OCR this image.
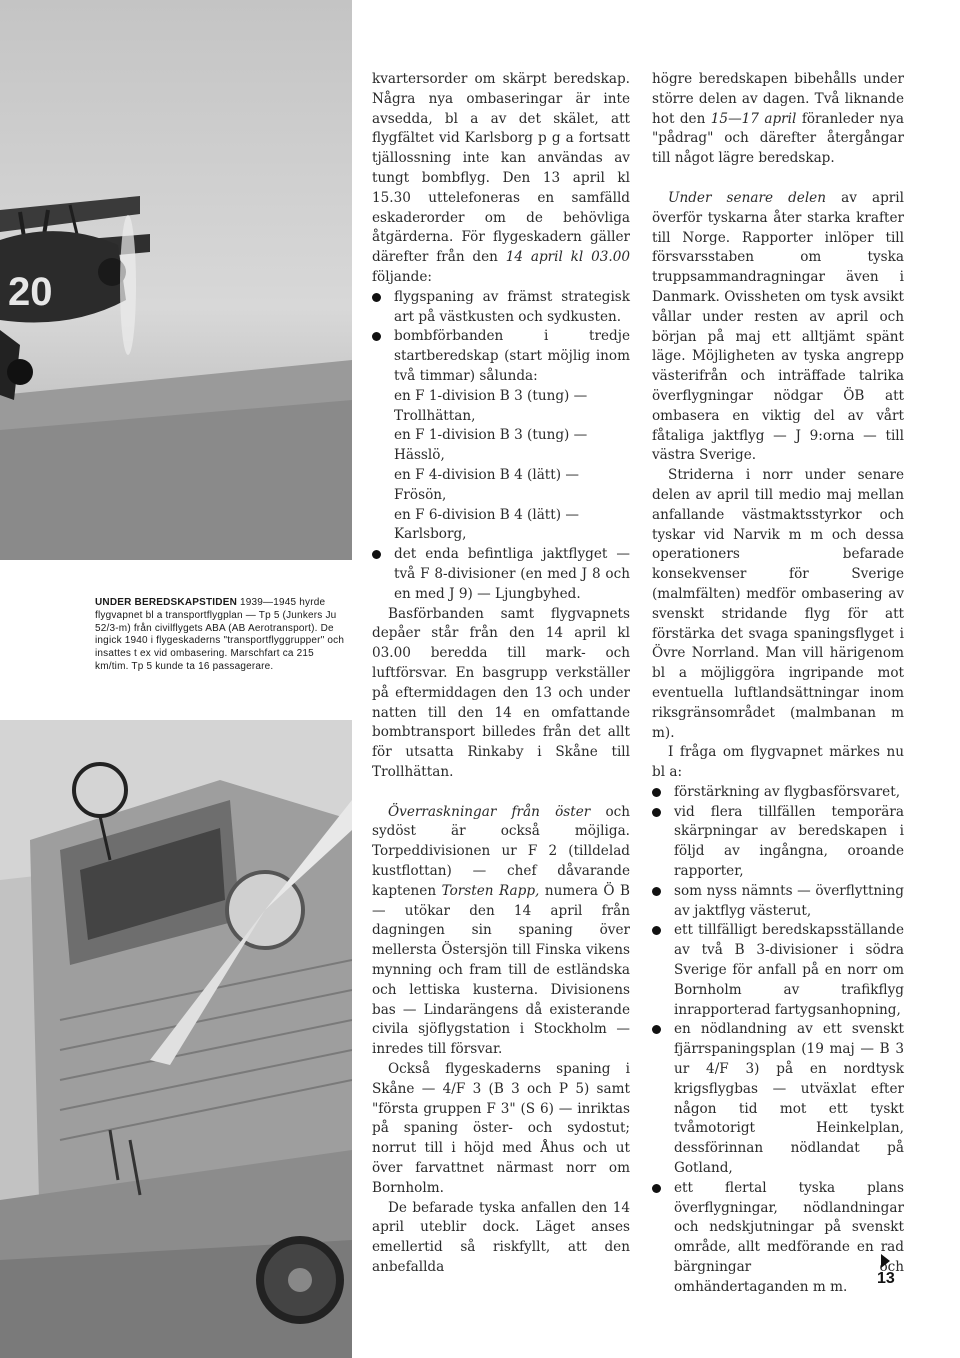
20
UNDER BEREDSKAPSTIDEN 1939—1945 hyrde flygvapnet bl a transportflygplan — Tp 5 (Junkers Ju 52/3-m) från civilflygets ABA (AB Aerotransport). De ingick 1940 i flygeskaderns "transportflyggrupper" och insattes t ex vid ombasering. Marschfart ca 215 km/tim. Tp 5 kunde ta 16 passagerare.

kvartersorder om skärpt beredskap. Några nya ombaseringar är inte avsedda, bl a av det skälet, att flygfältet vid Karlsborg p g a fortsatt tjällossning inte kan användas av tungt bombflyg. Den 13 april kl 15.30 uttelefoneras en samfälld eskaderorder om de behövliga åtgärderna. För flygeskadern gäller därefter från den 14 april kl 03.00 följande:

flygspaning av främst strategisk art på västkusten och sydkusten.
bombförbanden i tredje startberedskap (start möjlig inom två timmar) sålunda:
en F 1-division B 3 (tung) — Trollhättan,
en F 1-division B 3 (tung) — Hässlö,
en F 4-division B 4 (lätt) — Frösön,
en F 6-division B 4 (lätt) — Karlsborg,
det enda befintliga jaktflyget — två F 8-divisioner (en med J 8 och en med J 9) — Ljungbyhed.

Basförbanden samt flygvapnets depåer står från den 14 april kl 03.00 beredda till mark- och luftförsvar. En basgrupp verkställer på eftermiddagen den 13 och under natten till den 14 en omfattande bombtransport billedes från det allt för utsatta Rinkaby i Skåne till Trollhättan.

Överraskningar från öster och sydöst är också möjliga. Torpeddivisionen ur F 2 (tilldelad kustflottan) — chef dåvarande kaptenen Torsten Rapp, numera Ö B — utökar den 14 april från dagningen sin spaning över mellersta Östersjön till Finska vikens mynning och fram till de estländska och lettiska kusterna. Divisionens bas — Lindarängens då existerande civila sjöflygstation i Stockholm — inredes till försvar.

Också flygeskaderns spaning i Skåne — 4/F 3 (B 3 och P 5) samt "första gruppen F 3" (S 6) — inriktas på spaning öster- och sydostut; norrut till i höjd med Åhus och ut över farvattnet närmast norr om Bornholm.

De befarade tyska anfallen den 14 april uteblir dock. Läget anses emellertid så riskfyllt, att den anbefallda

högre beredskapen bibehålls under större delen av dagen. Två liknande hot den 15—17 april föranleder nya "pådrag" och därefter återgångar till något lägre beredskap.

Under senare delen av april överför tyskarna åter starka krafter till Norge. Rapporter inlöper till försvarsstaben om tyska truppsammandragningar även i Danmark. Ovissheten om tysk avsikt vållar under resten av april och början på maj ett alltjämt spänt läge. Möjligheten av tyska angrepp västerifrån och inträffade talrika överflygningar nödgar ÖB att ombasera en viktig del av vårt fåtaliga jaktflyg — J 9:orna — till västra Sverige.

Striderna i norr under senare delen av april till medio maj mellan anfallande västmaktsstyrkor och tyskar vid Narvik m m och dessa operationers befarade konsekvenser för Sverige (malmfälten) medför ombasering av svenskt stridande flyg för att förstärka det svaga spaningsflyget i Övre Norrland. Man vill härigenom bl a möjliggöra ingripande mot eventuella luftlandsättningar inom riksgränsområdet (malmbanan m m).

I fråga om flygvapnet märkes nu bl a:

förstärkning av flygbasförsvaret,
vid flera tillfällen temporära skärpningar av beredskapen i följd av ingångna, oroande rapporter,
som nyss nämnts — överflyttning av jaktflyg västerut,
ett tillfälligt beredskapsställande av två B 3-divisioner i södra Sverige för anfall på en norr om Bornholm av trafikflyg inrapporterad fartygsanhopning,
en nödlandning av ett svenskt fjärrspaningsplan (19 maj — B 3 ur 4/F 3) på en nordtysk krigsflygbas — utväxlat efter någon tid mot ett tyskt tvåmotorigt Heinkelplan, dessförinnan nödlandat på Gotland,
ett flertal tyska plans överflygningar, nödlandningar och nedskjutningar på svenskt område, allt medförande en rad bärgningar och omhändertaganden m m.	13
